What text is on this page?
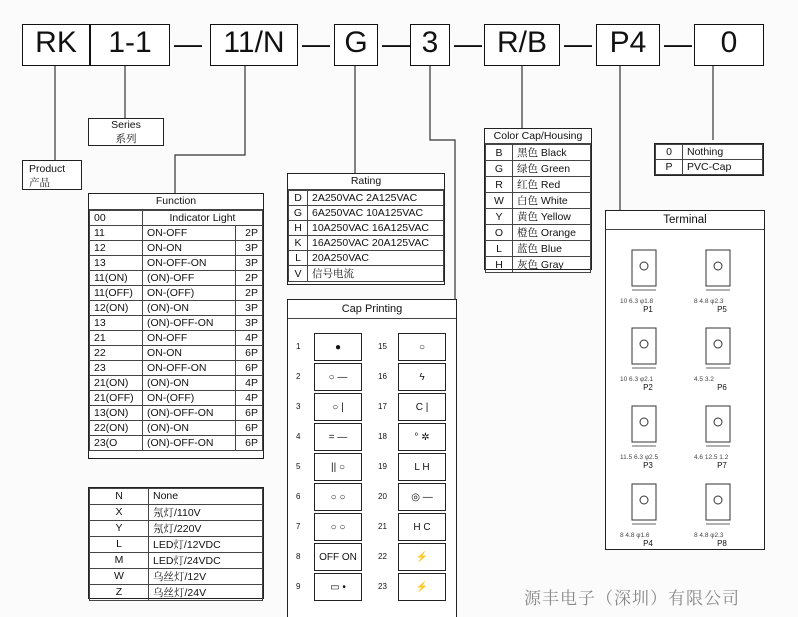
RK	1-1 — 11/N — G — 3 — R/B — P4 — 0
Product
产品
Series
系列
Function
00	Indicator Light	
11	ON-OFF	2P
12	ON-ON	3P
13	ON-OFF-ON	3P
11(ON)	(ON)-OFF	2P
11(OFF)	ON-(OFF)	2P
12(ON)	(ON)-ON	3P
13	(ON)-OFF-ON	3P
21	ON-OFF	4P
22	ON-ON	6P
23	ON-OFF-ON	6P
21(ON)	(ON)-ON	4P
21(OFF)	ON-(OFF)	4P
13(ON)	(ON)-OFF-ON	6P
22(ON)	(ON)-ON	6P
23(O	(ON)-OFF-ON	6P
N	None
X	氖灯/110V
Y	氖灯/220V
L	LED灯/12VDC
M	LED灯/24VDC
W	乌丝灯/12V
Z	乌丝灯/24V
Rating
D	2A250VAC 2A125VAC
G	6A250VAC 10A125VAC
H	10A250VAC 16A125VAC
K	16A250VAC 20A125VAC
L	20A250VAC
V	信号电流
Cap Printing
1	●
2	○ —
3	○ |
4	= —
5	|| ○
6	○ ○
7	○ ○
8	OFF ON
9	▭ •
15	○
16	ϟ
17	C |
18	° ✲
19	L H
20	◎ —
21	H C
22	⚡
23	⚡
Color Cap/Housing
B	黑色 Black
G	绿色 Green
R	红色 Red
W	白色 White
Y	黄色 Yellow
O	橙色 Orange
L	蓝色 Blue
H	灰色 Gray
0	Nothing
P	PVC-Cap
Terminal
10 6.3 φ1.8
P1
8 4.8 φ2.3
P5
10 6.3 φ2.1
P2
4.5 3.2
P6
11.5 6.3 φ2.5
P3
4.6 12.5 1.2
P7
8 4.8 φ1.6
P4
8 4.8 φ2.3
P8
源丰电子（深圳）有限公司
